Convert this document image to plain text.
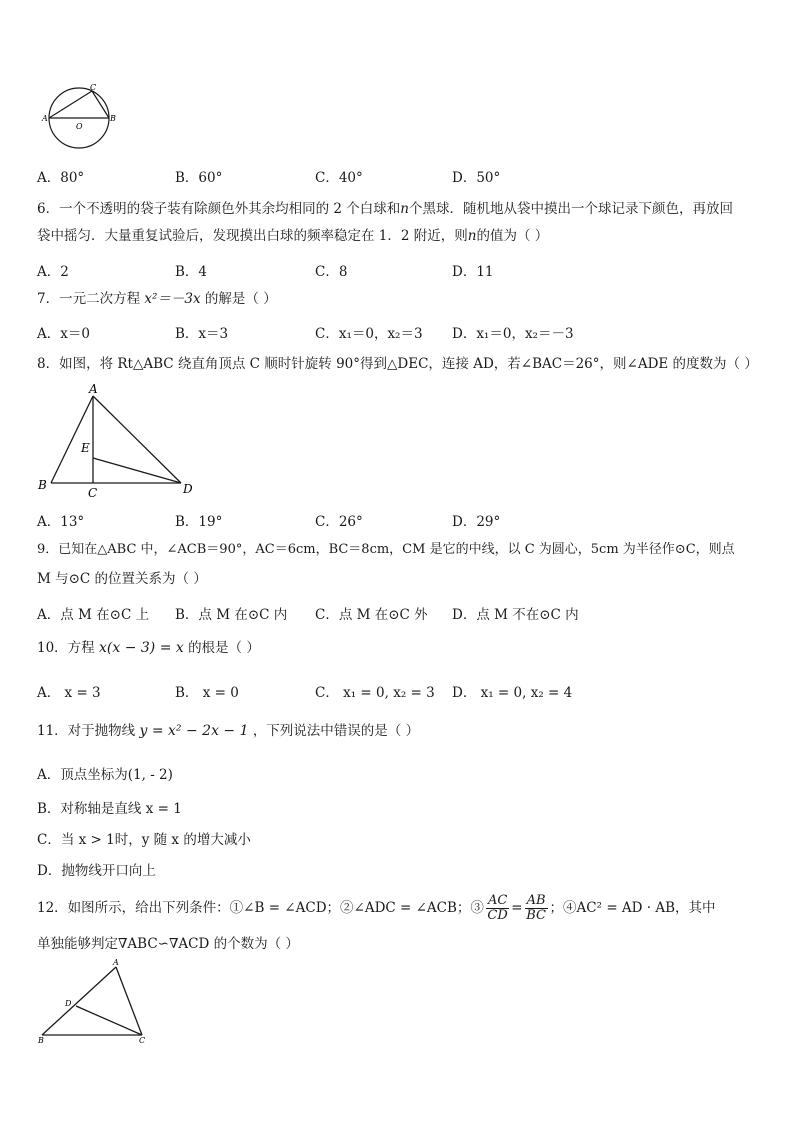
C
A
O
B
A．80°	B．60°	C．40°	D．50°
6．一个不透明的袋子装有除颜色外其余均相同的 2 个白球和n个黑球．随机地从袋中摸出一个球记录下颜色，再放回
袋中摇匀．大量重复试验后，发现摸出白球的频率稳定在 1．2 附近，则n的值为（ ）
A．2	B．4	C．8	D．11
7．一元二次方程 x²＝－3x 的解是（ ）
A．x＝0	B．x＝3	C．x₁＝0，x₂＝3 D．x₁＝0，x₂＝－3
8．如图，将 Rt△ABC 绕直角顶点 C 顺时针旋转 90°得到△DEC，连接 AD，若∠BAC＝26°，则∠ADE 的度数为（ ）
A
E
B
C	D
A．13°	B．19°	C．26°	D．29°
9．已知在△ABC 中，∠ACB＝90°，AC＝6cm，BC＝8cm，CM 是它的中线，以 C 为圆心，5cm 为半径作⊙C，则点
M 与⊙C 的位置关系为（ ）
A．点 M 在⊙C 上 B．点 M 在⊙C 内 C．点 M 在⊙C 外 D．点 M 不在⊙C 内
10．方程 x(x − 3) = x 的根是（ ）
A． x = 3	B． x = 0	C． x₁ = 0, x₂ = 3 D． x₁ = 0, x₂ = 4
11．对于抛物线 y = x² − 2x − 1 ，下列说法中错误的是（ ）
A．顶点坐标为(1, - 2)
B．对称轴是直线 x = 1
C．当 x > 1时，y 随 x 的增大减小
D．抛物线开口向上
12．如图所示，给出下列条件：①∠B = ∠ACD；②∠ADC = ∠ACB；③ $\frac{AC}{CD} = \frac{AB}{BC}$ ；④AC² = AD · AB，其中
单独能够判定∇ABC∽∇ACD 的个数为（ ）
A
D
B	C
